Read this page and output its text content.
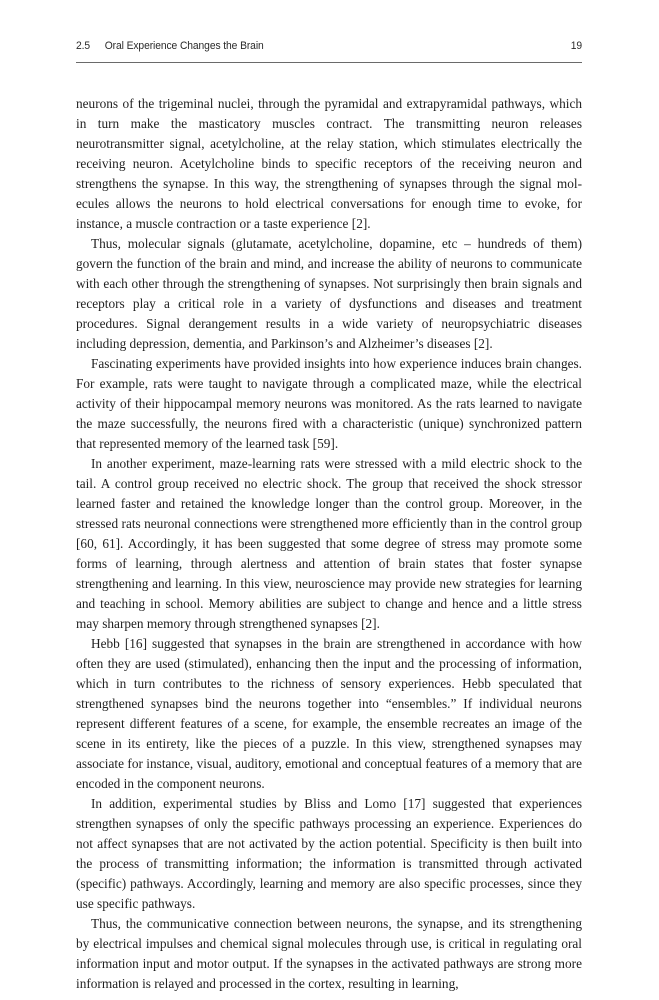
2.5 Oral Experience Changes the Brain	19

neurons of the trigeminal nuclei, through the pyramidal and extrapyramidal pathways, which in turn make the masticatory muscles contract. The transmitting neuron releases neurotransmitter signal, acetylcholine, at the relay station, which stimulates electrically the receiving neuron. Acetylcholine binds to specific receptors of the receiving neuron and strengthens the synapse. In this way, the strengthening of synapses through the signal molecules allows the neurons to hold electrical conversations for enough time to evoke, for instance, a muscle contraction or a taste experience [2].

Thus, molecular signals (glutamate, acetylcholine, dopamine, etc – hundreds of them) govern the function of the brain and mind, and increase the ability of neurons to communicate with each other through the strengthening of synapses. Not surprisingly then brain signals and receptors play a critical role in a variety of dysfunctions and diseases and treatment procedures. Signal derangement results in a wide variety of neuropsychiatric diseases including depression, dementia, and Parkinson’s and Alzheimer’s diseases [2].

Fascinating experiments have provided insights into how experience induces brain changes. For example, rats were taught to navigate through a complicated maze, while the electrical activity of their hippocampal memory neurons was monitored. As the rats learned to navigate the maze successfully, the neurons fired with a characteristic (unique) synchronized pattern that represented memory of the learned task [59].

In another experiment, maze-learning rats were stressed with a mild electric shock to the tail. A control group received no electric shock. The group that received the shock stressor learned faster and retained the knowledge longer than the control group. Moreover, in the stressed rats neuronal connections were strengthened more efficiently than in the control group [60, 61]. Accordingly, it has been suggested that some degree of stress may promote some forms of learning, through alertness and attention of brain states that foster synapse strengthening and learning. In this view, neuroscience may provide new strategies for learning and teaching in school. Memory abilities are subject to change and hence and a little stress may sharpen memory through strengthened synapses [2].

Hebb [16] suggested that synapses in the brain are strengthened in accordance with how often they are used (stimulated), enhancing then the input and the processing of information, which in turn contributes to the richness of sensory experiences. Hebb speculated that strengthened synapses bind the neurons together into “ensembles.” If individual neurons represent different features of a scene, for example, the ensemble recreates an image of the scene in its entirety, like the pieces of a puzzle. In this view, strengthened synapses may associate for instance, visual, auditory, emotional and conceptual features of a memory that are encoded in the component neurons.

In addition, experimental studies by Bliss and Lomo [17] suggested that experiences strengthen synapses of only the specific pathways processing an experience. Experiences do not affect synapses that are not activated by the action potential. Specificity is then built into the process of transmitting information; the information is transmitted through activated (specific) pathways. Accordingly, learning and memory are also specific processes, since they use specific pathways.

Thus, the communicative connection between neurons, the synapse, and its strengthening by electrical impulses and chemical signal molecules through use, is critical in regulating oral information input and motor output. If the synapses in the activated pathways are strong more information is relayed and processed in the cortex, resulting in learning,
